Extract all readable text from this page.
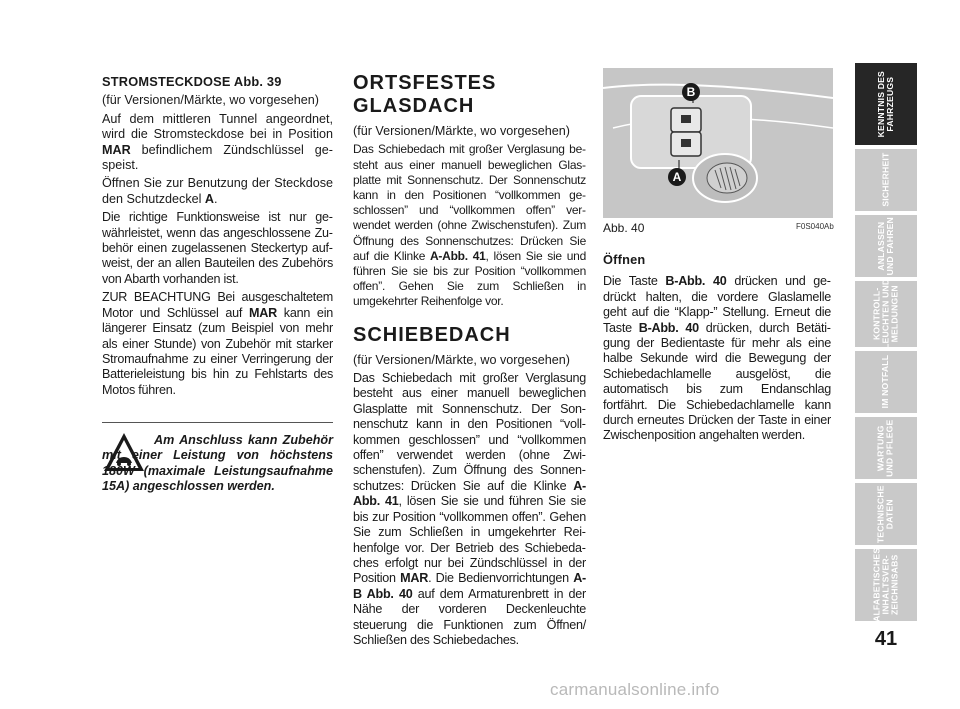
STROMSTECKDOSE Abb. 39

(für Versionen/Märkte, wo vorgesehen)

Auf dem mittleren Tunnel angeordnet, wird die Stromsteckdose bei in Position MAR befindlichem Zündschlüssel gespeist.

Öffnen Sie zur Benutzung der Steckdose den Schutzdeckel A.

Die richtige Funktionsweise ist nur gewährleistet, wenn das angeschlossene Zubehör einen zugelassenen Steckertyp aufweist, der an allen Bauteilen des Zubehörs von Abarth vorhanden ist.

ZUR BEACHTUNG Bei ausgeschaltetem Motor und Schlüssel auf MAR kann ein längerer Einsatz (zum Beispiel von mehr als einer Stunde) von Zubehör mit starker Stromaufnahme zu einer Verringerung der Batterieleistung bis hin zu Fehlstarts des Motos führen.

Am Anschluss kann Zubehör mit einer Leistung von höchstens 180W (maximale Leistungsaufnahme 15A) angeschlossen werden.
ORTSFESTES
GLASDACH

(für Versionen/Märkte, wo vorgesehen)

Das Schiebedach mit großer Verglasung besteht aus einer manuell beweglichen Glasplatte mit Sonnenschutz. Der Sonnenschutz kann in den Positionen “vollkommen geschlossen” und “vollkommen offen” verwendet werden (ohne Zwischenstufen). Zum Öffnung des Sonnenschutzes: Drücken Sie auf die Klinke A-Abb. 41, lösen Sie sie und führen Sie sie bis zur Position “vollkommen offen”. Gehen Sie zum Schließen in umgekehrter Reihenfolge vor.

SCHIEBEDACH

(für Versionen/Märkte, wo vorgesehen)

Das Schiebedach mit großer Verglasung besteht aus einer manuell beweglichen Glasplatte mit Sonnenschutz. Der Sonnenschutz kann in den Positionen “vollkommen geschlossen” und “vollkommen offen” verwendet werden (ohne Zwischenstufen). Zum Öffnung des Sonnenschutzes: Drücken Sie auf die Klinke A-Abb. 41, lösen Sie sie und führen Sie sie bis zur Position “vollkommen offen”. Gehen Sie zum Schließen in umgekehrter Reihenfolge vor. Der Betrieb des Schiebedaches erfolgt nur bei Zündschlüssel in der Position MAR. Die Bedienvorrichtungen A-B Abb. 40 auf dem Armaturenbrett in der Nähe der vorderen Deckenleuchte steuerung die Funktionen zum Öffnen/ Schließen des Schiebedaches.

B
A
Abb. 40	F0S040Ab

Öffnen

Die Taste B-Abb. 40 drücken und gedrückt halten, die vordere Glaslamelle geht auf die “Klapp-” Stellung. Erneut die Taste B-Abb. 40 drücken, durch Betätigung der Bedientaste für mehr als eine halbe Sekunde wird die Bewegung der Schiebedachlamelle ausgelöst, die automatisch bis zum Endanschlag fortfährt. Die Schiebedachlamelle kann durch erneutes Drücken der Taste in einer Zwischenposition angehalten werden.

KENNTNIS DES
FAHRZEUGS
SICHERHEIT
ANLASSEN
UND FAHREN
KONTROLL-
LEUCHTEN UND
MELDUNGEN
IM NOTFALL
WARTUNG
UND PFLEGE
TECHNISCHE
DATEN
ALFABETISCHES
INHALTSVER-
ZEICHNISABS
41
carmanualsonline.info
